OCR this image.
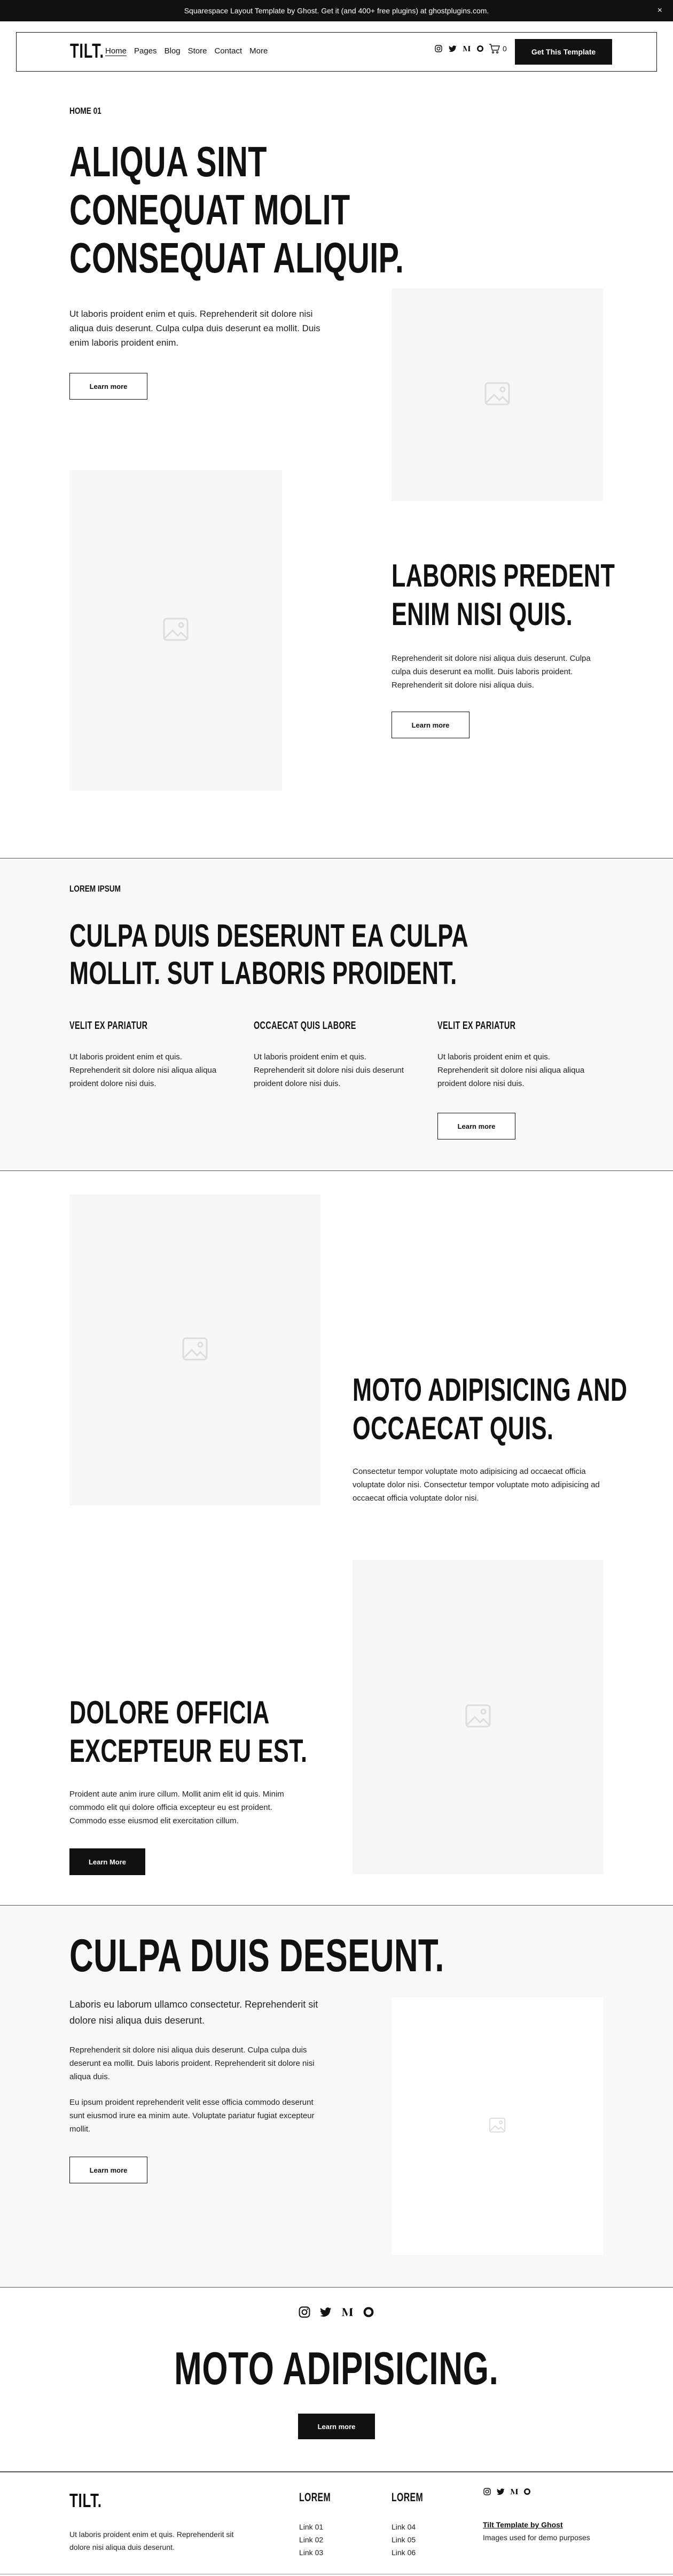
Squarespace Layout Template by Ghost. Get it (and 400+ free plugins) at ghostplugins.com.	×
TILT. Home Pages Blog Store Contact More	0	Get This Template
HOME 01
ALIQUA SINT
CONEQUAT MOLIT
CONSEQUAT ALIQUIP.
Ut laboris proident enim et quis. Reprehenderit sit dolore nisi aliqua duis deserunt. Culpa culpa duis deserunt ea mollit. Duis enim laboris proident enim.
Learn more
LABORIS PREDENT
ENIM NISI QUIS.
Reprehenderit sit dolore nisi aliqua duis deserunt. Culpa culpa duis deserunt ea mollit. Duis laboris proident. Reprehenderit sit dolore nisi aliqua duis.
Learn more
LOREM IPSUM
CULPA DUIS DESERUNT EA CULPA
MOLLIT. SUT LABORIS PROIDENT.
VELIT EX PARIATUR
Ut laboris proident enim et quis. Reprehenderit sit dolore nisi aliqua aliqua proident dolore nisi duis.
OCCAECAT QUIS LABORE
Ut laboris proident enim et quis. Reprehenderit sit dolore nisi duis deserunt proident dolore nisi duis.
VELIT EX PARIATUR
Ut laboris proident enim et quis. Reprehenderit sit dolore nisi aliqua aliqua proident dolore nisi duis.
Learn more
MOTO ADIPISICING AND
OCCAECAT QUIS.
Consectetur tempor voluptate moto adipisicing ad occaecat officia voluptate dolor nisi. Consectetur tempor voluptate moto adipisicing ad occaecat officia voluptate dolor nisi.
DOLORE OFFICIA
EXCEPTEUR EU EST.
Proident aute anim irure cillum. Mollit anim elit id quis. Minim commodo elit qui dolore officia excepteur eu est proident. Commodo esse eiusmod elit exercitation cillum.
Learn More
CULPA DUIS DESEUNT.
Laboris eu laborum ullamco consectetur. Reprehenderit sit dolore nisi aliqua duis deserunt.
Reprehenderit sit dolore nisi aliqua duis deserunt. Culpa culpa duis deserunt ea mollit. Duis laboris proident. Reprehenderit sit dolore nisi aliqua duis.
Eu ipsum proident reprehenderit velit esse officia commodo deserunt sunt eiusmod irure ea minim aute. Voluptate pariatur fugiat excepteur mollit.
Learn more
MOTO ADIPISICING.
Learn more
TILT.
Ut laboris proident enim et quis. Reprehenderit sit dolore nisi aliqua duis deserunt.
LOREM
Link 01
Link 02
Link 03
LOREM
Link 04
Link 05
Link 06
Tilt Template by Ghost
Images used for demo purposes
